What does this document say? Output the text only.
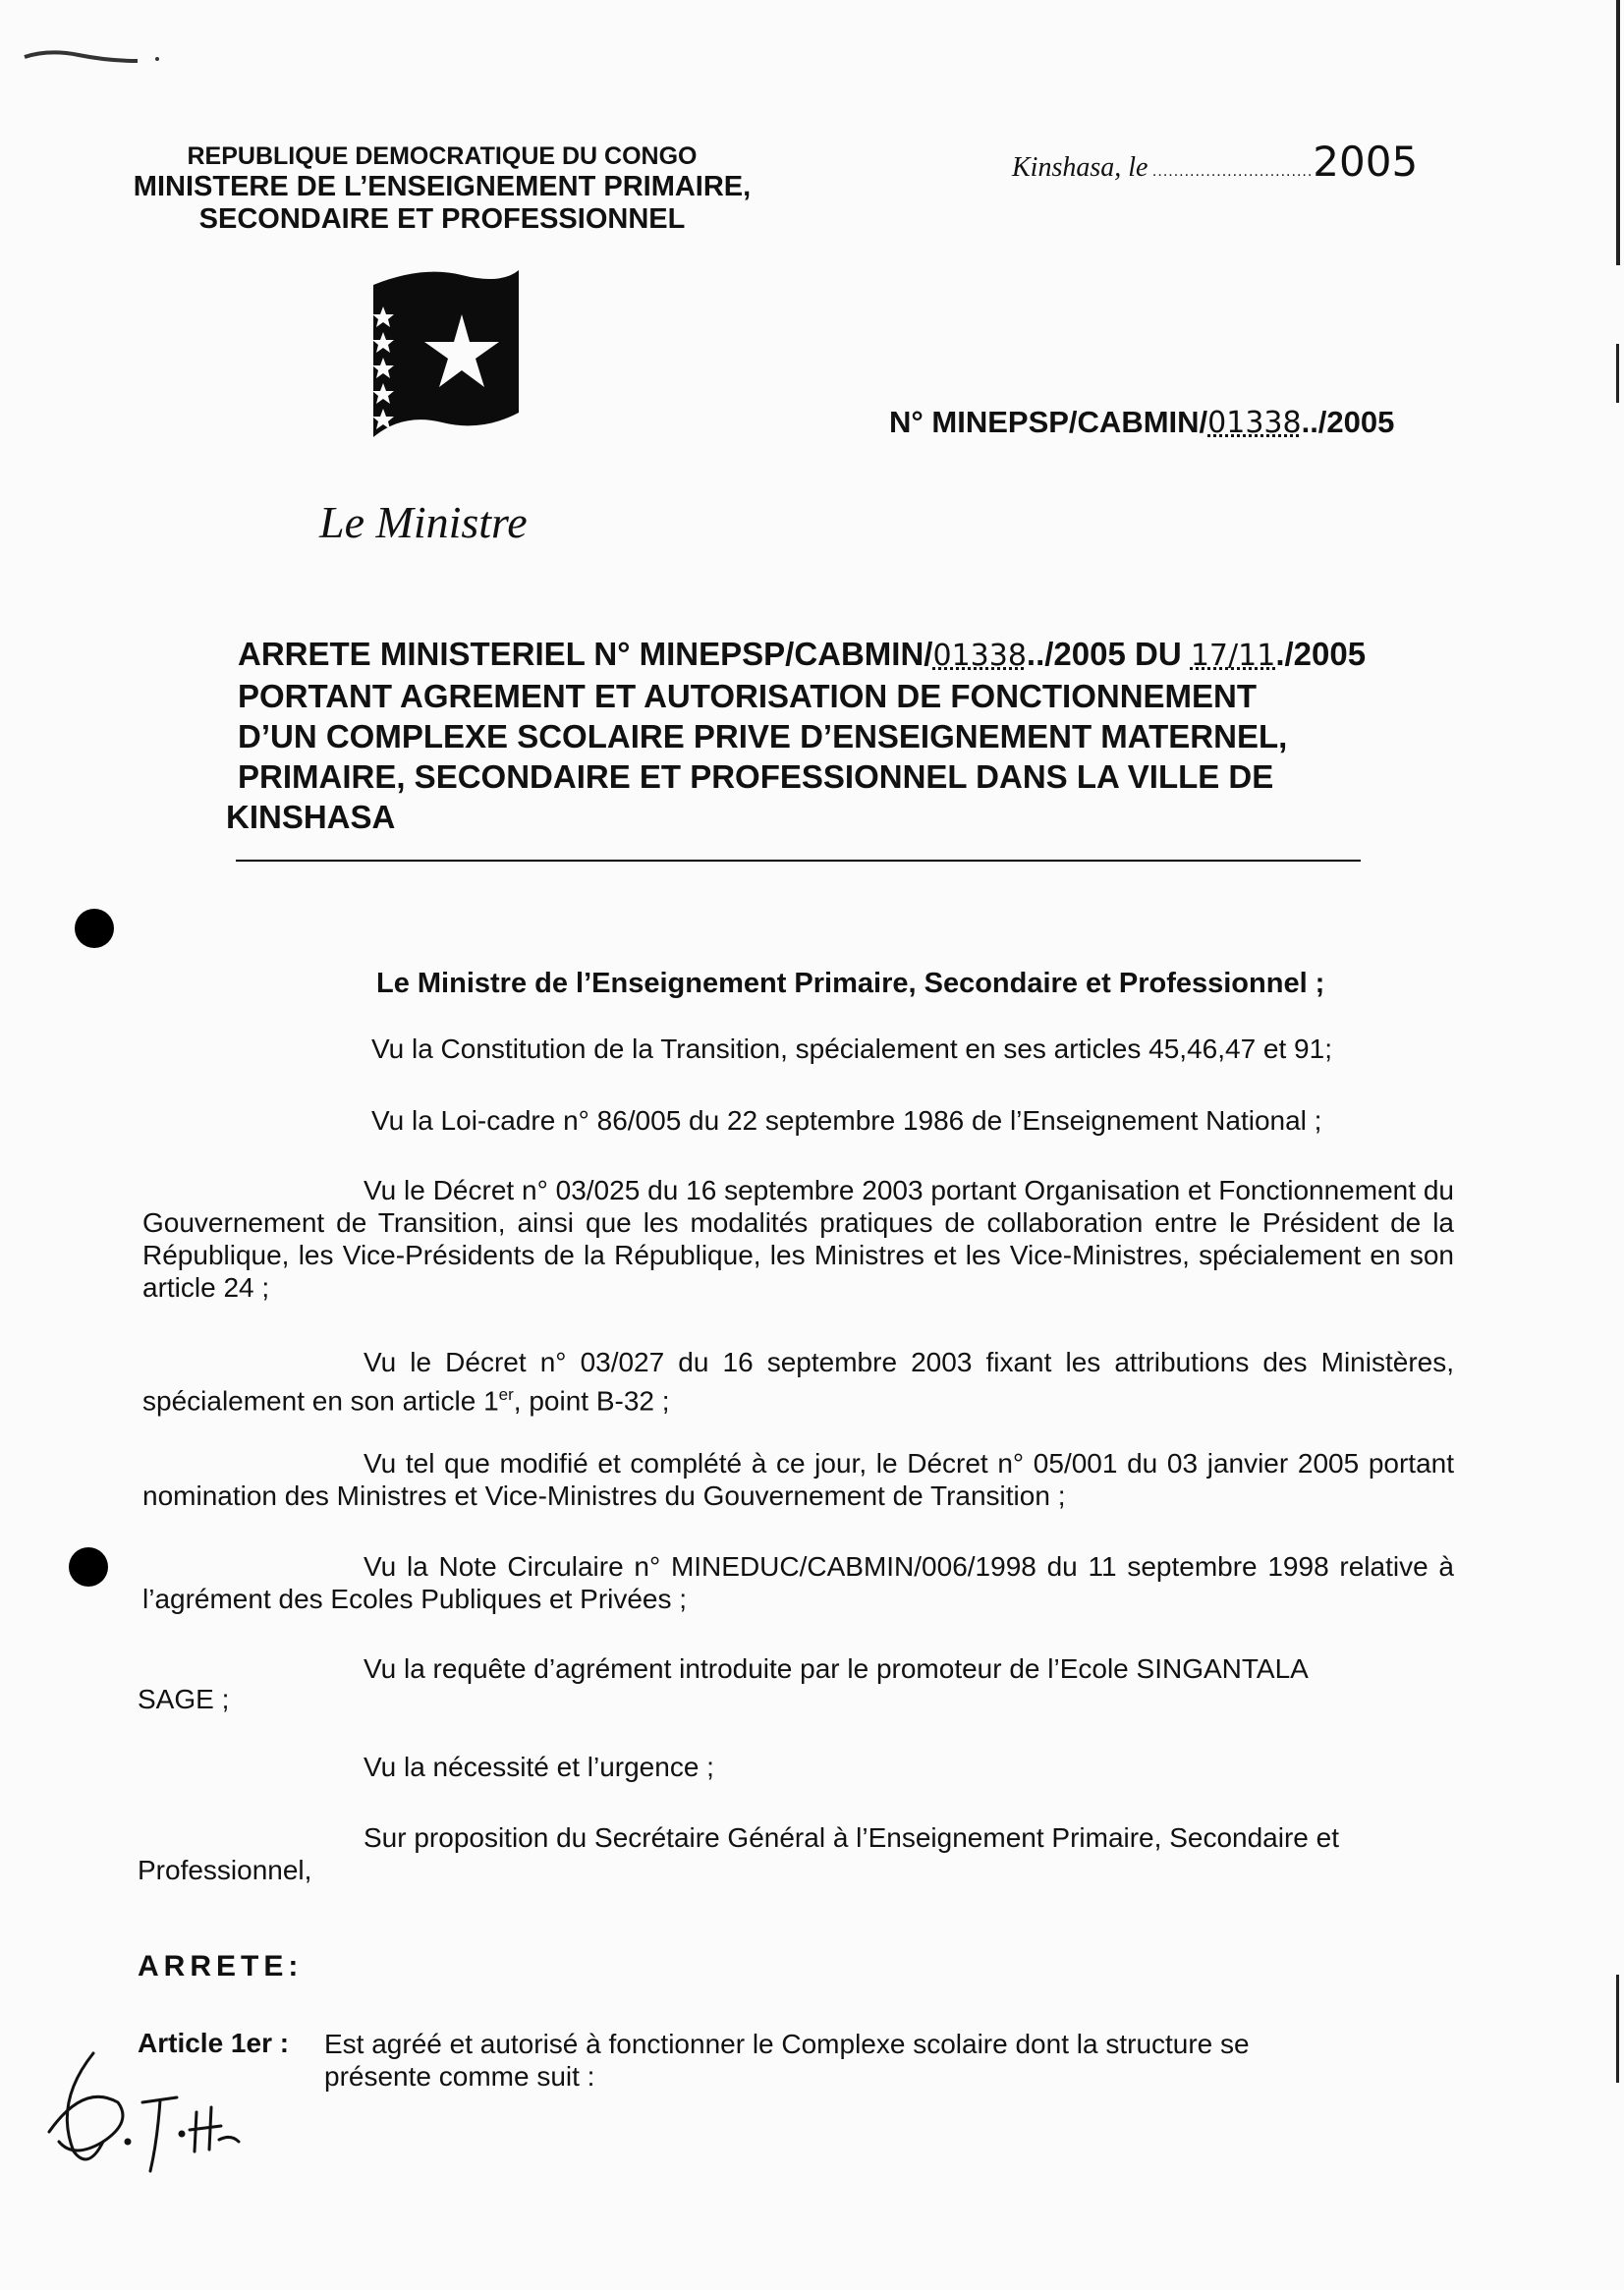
REPUBLIQUE DEMOCRATIQUE DU CONGO
MINISTERE DE L’ENSEIGNEMENT PRIMAIRE,
SECONDAIRE ET PROFESSIONNEL
Kinshasa, le ..............................2005
N° MINEPSP/CABMIN/01338../2005
Le Ministre
ARRETE MINISTERIEL N° MINEPSP/CABMIN/01338../2005 DU 17/11./2005
PORTANT AGREMENT ET AUTORISATION DE FONCTIONNEMENT
D’UN COMPLEXE SCOLAIRE PRIVE D’ENSEIGNEMENT MATERNEL,
PRIMAIRE, SECONDAIRE ET PROFESSIONNEL DANS LA VILLE DE
KINSHASA
Le Ministre de l’Enseignement Primaire, Secondaire et Professionnel ;
Vu la Constitution de la Transition, spécialement en ses articles 45,46,47 et 91;
Vu la Loi-cadre n° 86/005 du 22 septembre 1986 de l’Enseignement National ;
Vu le Décret n° 03/025 du 16 septembre 2003 portant Organisation et Fonctionnement du Gouvernement de Transition, ainsi que les modalités pratiques de collaboration entre le Président de la République, les Vice-Présidents de la République, les Ministres et les Vice-Ministres, spécialement en son article 24 ;
Vu le Décret n° 03/027 du 16 septembre 2003 fixant les attributions des Ministères, spécialement en son article 1er, point B-32 ;
Vu tel que modifié et complété à ce jour, le Décret n° 05/001 du 03 janvier 2005 portant nomination des Ministres et Vice-Ministres du Gouvernement de Transition ;
Vu la Note Circulaire n° MINEDUC/CABMIN/006/1998 du 11 septembre 1998 relative à l’agrément des Ecoles Publiques et Privées ;
Vu la requête d’agrément introduite par le promoteur de l’Ecole SINGANTALA
SAGE ;
Vu la nécessité et l’urgence ;
Sur proposition du Secrétaire Général à l’Enseignement Primaire, Secondaire et
Professionnel,
ARRETE:
Article 1er : Est agréé et autorisé à fonctionner le Complexe scolaire dont la structure se
présente comme suit :
